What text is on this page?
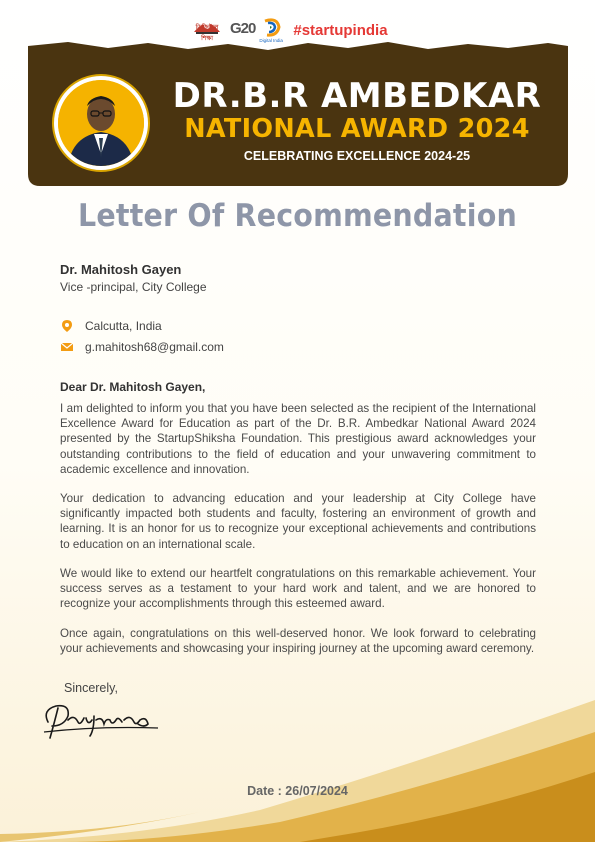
ডিজিটাল শিক্ষা
G20
Digital India
#startupindia
DR.B.R AMBEDKAR
NATIONAL AWARD 2024
CELEBRATING EXCELLENCE 2024-25
Letter Of Recommendation
Dr. Mahitosh Gayen
Vice -principal, City College
Calcutta, India
g.mahitosh68@gmail.com
Dear Dr. Mahitosh Gayen,

I am delighted to inform you that you have been selected as the recipient of the International Excellence Award for Education as part of the Dr. B.R. Ambedkar National Award 2024 presented by the StartupShiksha Foundation. This prestigious award acknowledges your outstanding contributions to the field of education and your unwavering commitment to academic excellence and innovation.

Your dedication to advancing education and your leadership at City College have significantly impacted both students and faculty, fostering an environment of growth and learning. It is an honor for us to recognize your exceptional achievements and contributions to education on an international scale.

We would like to extend our heartfelt congratulations on this remarkable achievement. Your success serves as a testament to your hard work and talent, and we are honored to recognize your accomplishments through this esteemed award.

Once again, congratulations on this well-deserved honor. We look forward to celebrating your achievements and showcasing your inspiring journey at the upcoming award ceremony.

Sincerely,
Date : 26/07/2024
